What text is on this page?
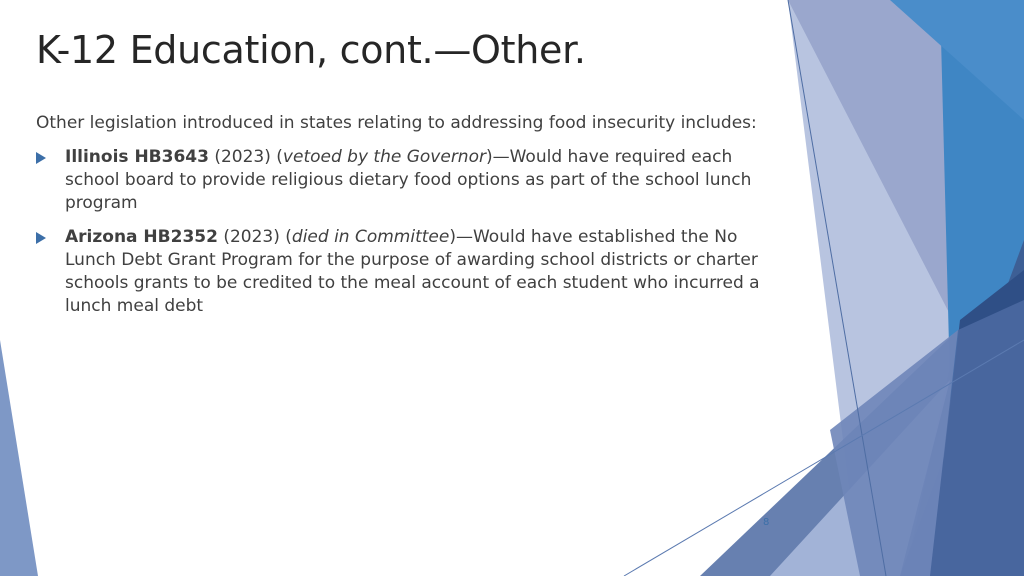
K-12 Education, cont.—Other.

Other legislation introduced in states relating to addressing food insecurity includes:

Illinois HB3643 (2023) (vetoed by the Governor)—Would have required each school board to provide religious dietary food options as part of the school lunch program
Arizona HB2352 (2023) (died in Committee)—Would have established the No Lunch Debt Grant Program for the purpose of awarding school districts or charter schools grants to be credited to the meal account of each student who incurred a lunch meal debt
8
